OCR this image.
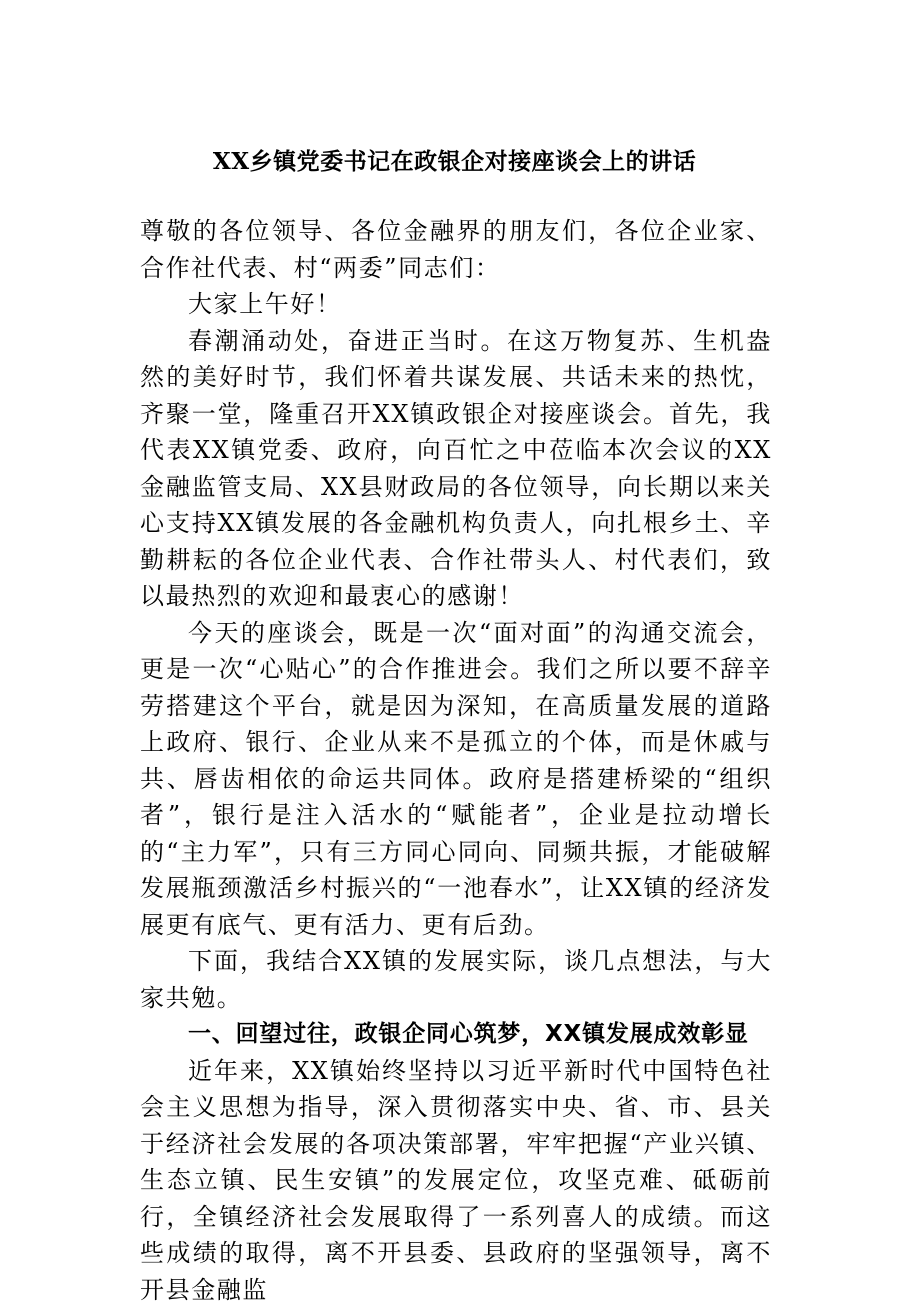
XX乡镇党委书记在政银企对接座谈会上的讲话

尊敬的各位领导、各位金融界的朋友们，各位企业家、合作社代表、村“两委”同志们：

大家上午好！

春潮涌动处，奋进正当时。在这万物复苏、生机盎然的美好时节，我们怀着共谋发展、共话未来的热忱，齐聚一堂，隆重召开XX镇政银企对接座谈会。首先，我代表XX镇党委、政府，向百忙之中莅临本次会议的XX金融监管支局、XX县财政局的各位领导，向长期以来关心支持XX镇发展的各金融机构负责人，向扎根乡土、辛勤耕耘的各位企业代表、合作社带头人、村代表们，致以最热烈的欢迎和最衷心的感谢！

今天的座谈会，既是一次“面对面”的沟通交流会，更是一次“心贴心”的合作推进会。我们之所以要不辞辛劳搭建这个平台，就是因为深知，在高质量发展的道路上政府、银行、企业从来不是孤立的个体，而是休戚与共、唇齿相依的命运共同体。政府是搭建桥梁的“组织者”，银行是注入活水的“赋能者”，企业是拉动增长的“主力军”，只有三方同心同向、同频共振，才能破解发展瓶颈激活乡村振兴的“一池春水”，让XX镇的经济发展更有底气、更有活力、更有后劲。

下面，我结合XX镇的发展实际，谈几点想法，与大家共勉。

一、回望过往，政银企同心筑梦，XX镇发展成效彰显

近年来，XX镇始终坚持以习近平新时代中国特色社会主义思想为指导，深入贯彻落实中央、省、市、县关于经济社会发展的各项决策部署，牢牢把握“产业兴镇、生态立镇、民生安镇”的发展定位，攻坚克难、砥砺前行，全镇经济社会发展取得了一系列喜人的成绩。而这些成绩的取得，离不开县委、县政府的坚强领导，离不开县金融监
